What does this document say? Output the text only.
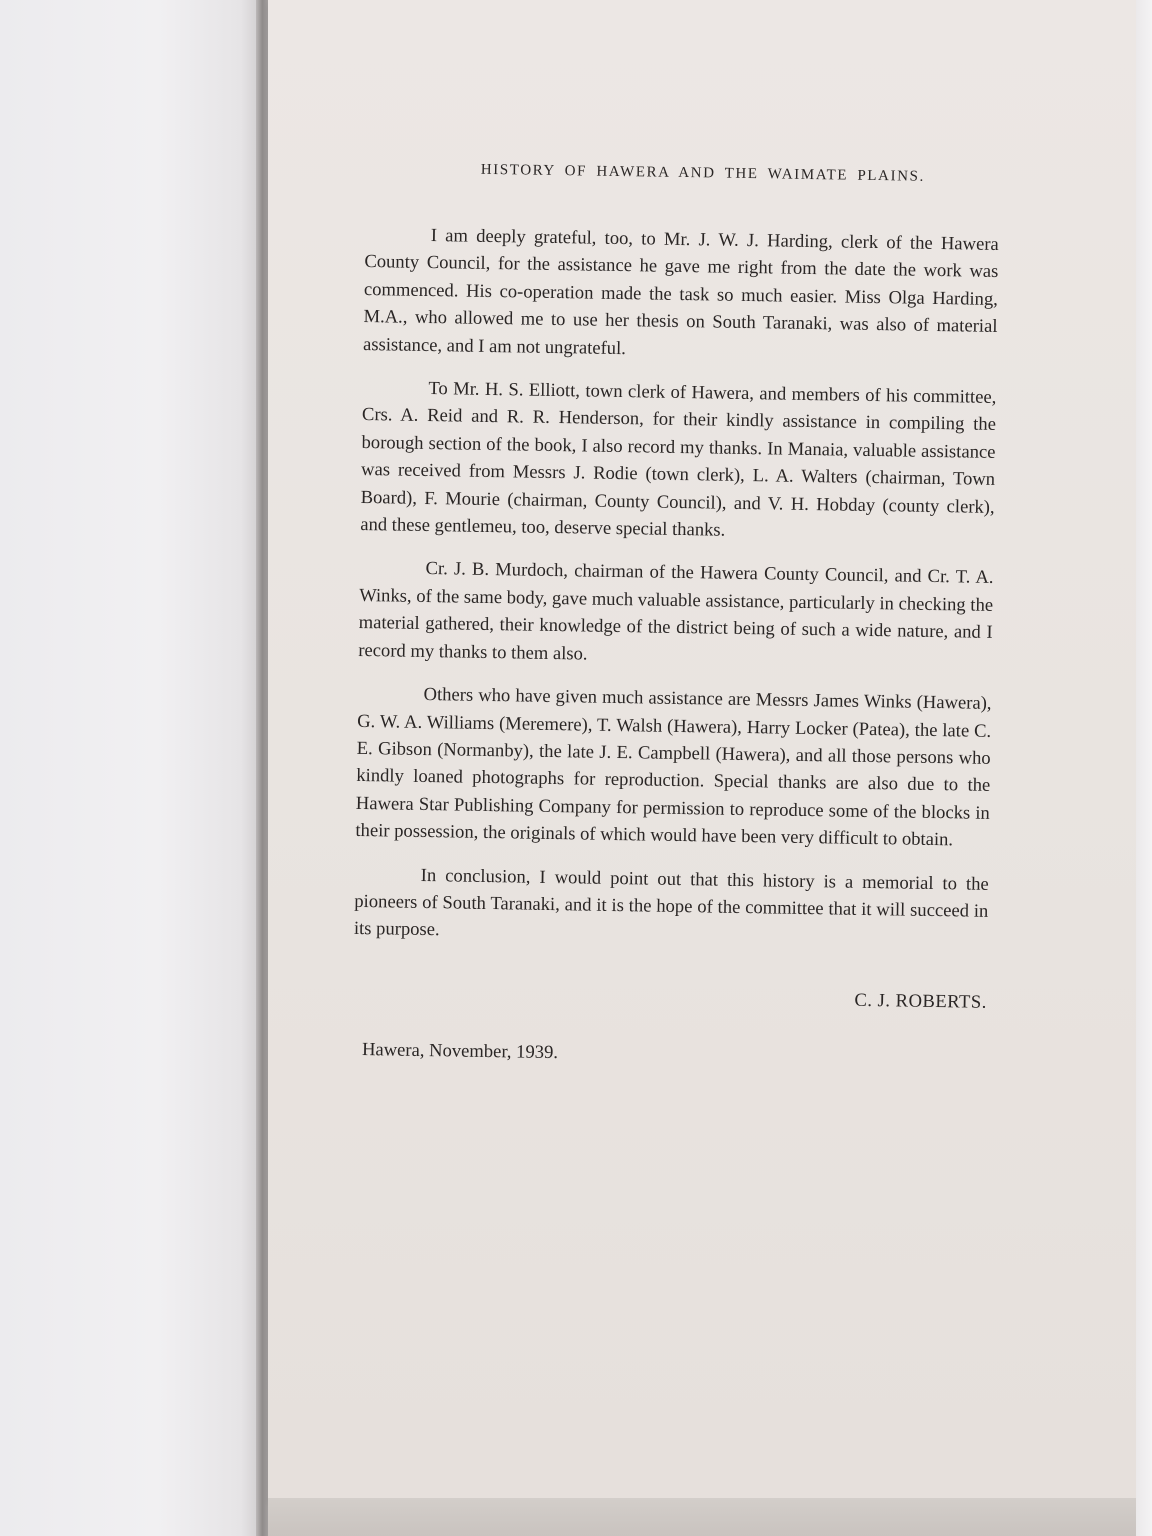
HISTORY OF HAWERA AND THE WAIMATE PLAINS.

I am deeply grateful, too, to Mr. J. W. J. Harding, clerk of the Hawera County Council, for the assistance he gave me right from the date the work was commenced. His co-operation made the task so much easier. Miss Olga Harding, M.A., who allowed me to use her thesis on South Taranaki, was also of material assistance, and I am not ungrateful.

To Mr. H. S. Elliott, town clerk of Hawera, and members of his committee, Crs. A. Reid and R. R. Henderson, for their kindly assistance in compiling the borough section of the book, I also record my thanks. In Manaia, valuable assistance was received from Messrs J. Rodie (town clerk), L. A. Walters (chairman, Town Board), F. Mourie (chairman, County Council), and V. H. Hobday (county clerk), and these gentlemeu, too, deserve special thanks.

Cr. J. B. Murdoch, chairman of the Hawera County Council, and Cr. T. A. Winks, of the same body, gave much valuable assistance, particularly in checking the material gathered, their knowledge of the district being of such a wide nature, and I record my thanks to them also.

Others who have given much assistance are Messrs James Winks (Hawera), G. W. A. Williams (Meremere), T. Walsh (Hawera), Harry Locker (Patea), the late C. E. Gibson (Normanby), the late J. E. Campbell (Hawera), and all those persons who kindly loaned photographs for reproduction. Special thanks are also due to the Hawera Star Publishing Company for permission to reproduce some of the blocks in their possession, the originals of which would have been very difficult to obtain.

In conclusion, I would point out that this history is a memorial to the pioneers of South Taranaki, and it is the hope of the committee that it will succeed in its purpose.

C. J. ROBERTS.
Hawera, November, 1939.
